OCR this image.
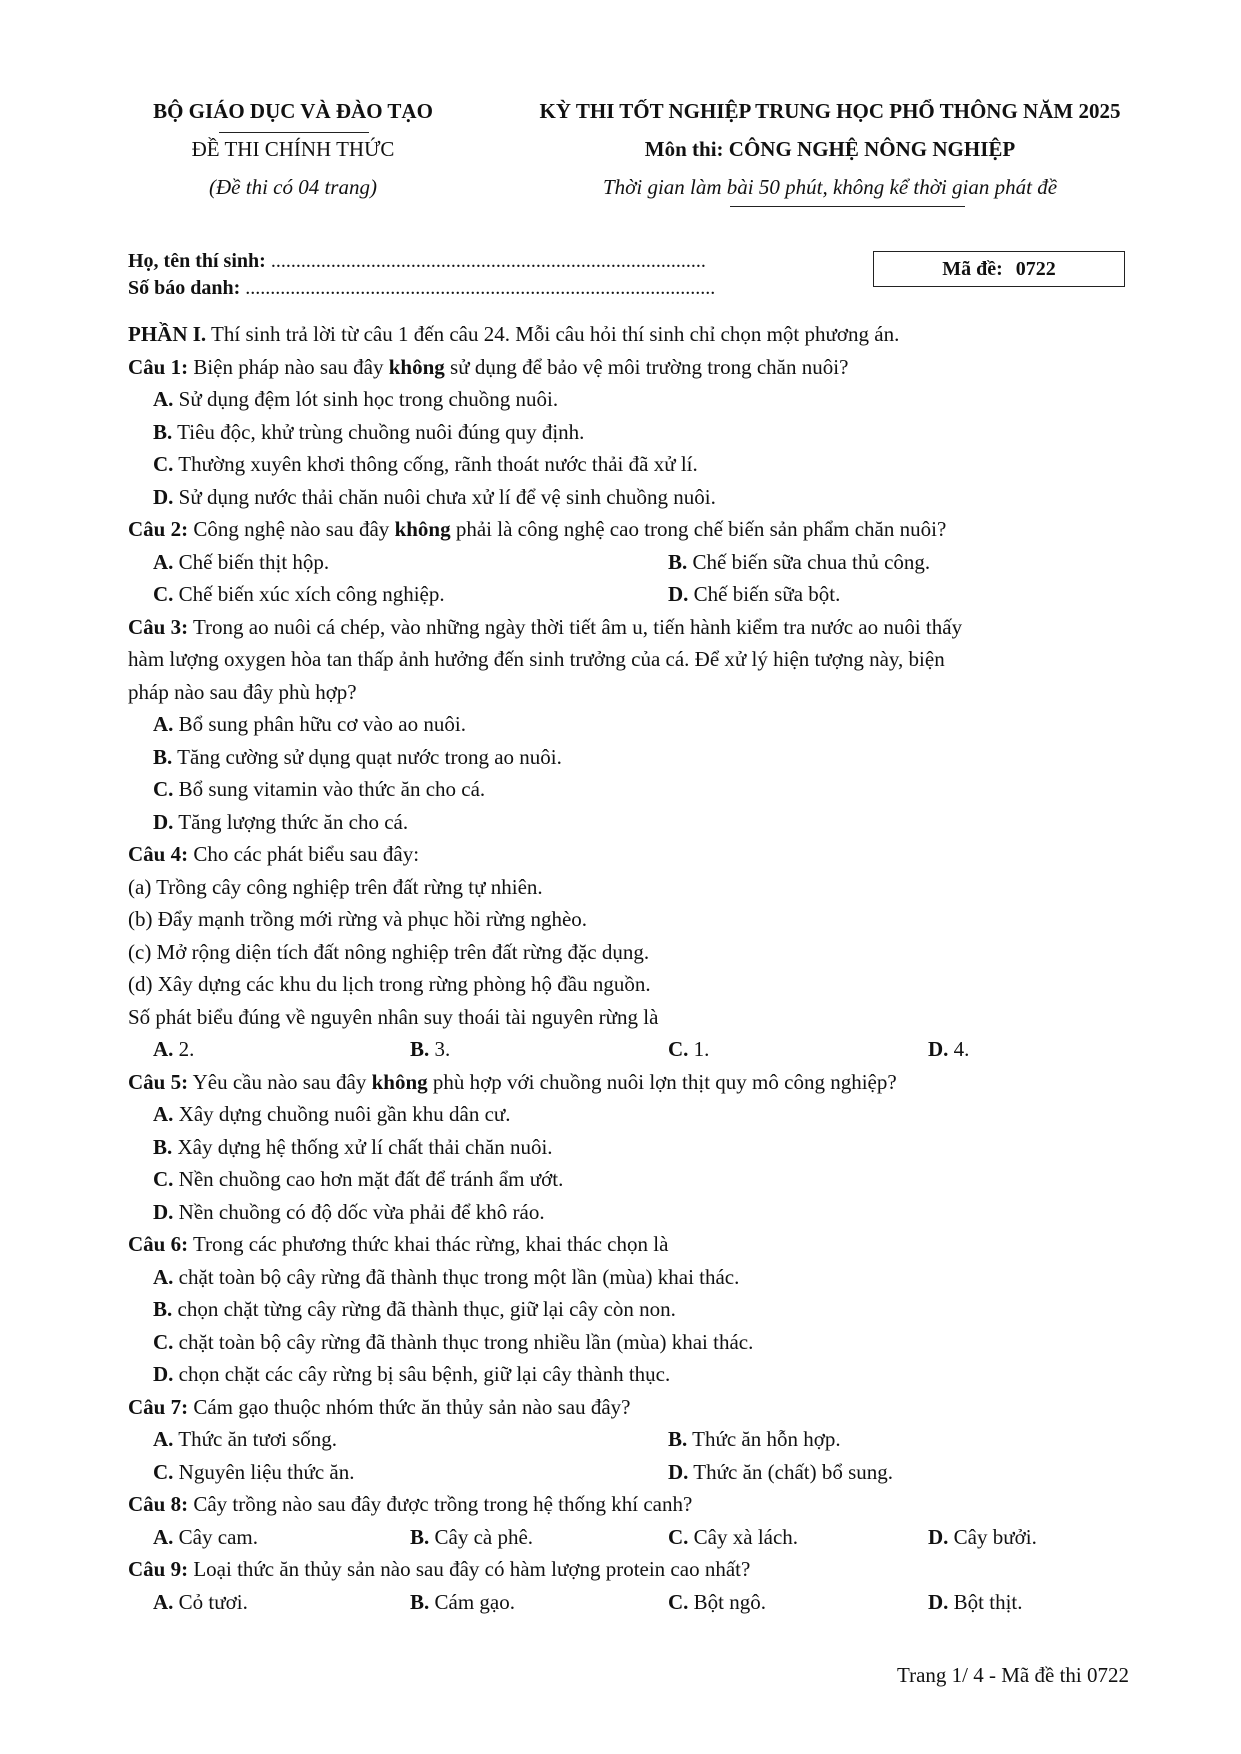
BỘ GIÁO DỤC VÀ ĐÀO TẠO
ĐỀ THI CHÍNH THỨC
(Đề thi có 04 trang)
KỲ THI TỐT NGHIỆP TRUNG HỌC PHỔ THÔNG NĂM 2025
Môn thi: CÔNG NGHỆ NÔNG NGHIỆP
Thời gian làm bài 50 phút, không kể thời gian phát đề
Họ, tên thí sinh: .......................................................................................
Số báo danh: ..............................................................................................
Mã đề: 0722
PHẦN I. Thí sinh trả lời từ câu 1 đến câu 24. Mỗi câu hỏi thí sinh chỉ chọn một phương án.
Câu 1: Biện pháp nào sau đây không sử dụng để bảo vệ môi trường trong chăn nuôi?
A. Sử dụng đệm lót sinh học trong chuồng nuôi.
B. Tiêu độc, khử trùng chuồng nuôi đúng quy định.
C. Thường xuyên khơi thông cống, rãnh thoát nước thải đã xử lí.
D. Sử dụng nước thải chăn nuôi chưa xử lí để vệ sinh chuồng nuôi.
Câu 2: Công nghệ nào sau đây không phải là công nghệ cao trong chế biến sản phẩm chăn nuôi?
A. Chế biến thịt hộp.	B. Chế biến sữa chua thủ công.
C. Chế biến xúc xích công nghiệp.	D. Chế biến sữa bột.
Câu 3: Trong ao nuôi cá chép, vào những ngày thời tiết âm u, tiến hành kiểm tra nước ao nuôi thấy
hàm lượng oxygen hòa tan thấp ảnh hưởng đến sinh trưởng của cá. Để xử lý hiện tượng này, biện
pháp nào sau đây phù hợp?
A. Bổ sung phân hữu cơ vào ao nuôi.
B. Tăng cường sử dụng quạt nước trong ao nuôi.
C. Bổ sung vitamin vào thức ăn cho cá.
D. Tăng lượng thức ăn cho cá.
Câu 4: Cho các phát biểu sau đây:
(a) Trồng cây công nghiệp trên đất rừng tự nhiên.
(b) Đẩy mạnh trồng mới rừng và phục hồi rừng nghèo.
(c) Mở rộng diện tích đất nông nghiệp trên đất rừng đặc dụng.
(d) Xây dựng các khu du lịch trong rừng phòng hộ đầu nguồn.
Số phát biểu đúng về nguyên nhân suy thoái tài nguyên rừng là
A. 2.	B. 3.	C. 1.	D. 4.
Câu 5: Yêu cầu nào sau đây không phù hợp với chuồng nuôi lợn thịt quy mô công nghiệp?
A. Xây dựng chuồng nuôi gần khu dân cư.
B. Xây dựng hệ thống xử lí chất thải chăn nuôi.
C. Nền chuồng cao hơn mặt đất để tránh ẩm ướt.
D. Nền chuồng có độ dốc vừa phải để khô ráo.
Câu 6: Trong các phương thức khai thác rừng, khai thác chọn là
A. chặt toàn bộ cây rừng đã thành thục trong một lần (mùa) khai thác.
B. chọn chặt từng cây rừng đã thành thục, giữ lại cây còn non.
C. chặt toàn bộ cây rừng đã thành thục trong nhiều lần (mùa) khai thác.
D. chọn chặt các cây rừng bị sâu bệnh, giữ lại cây thành thục.
Câu 7: Cám gạo thuộc nhóm thức ăn thủy sản nào sau đây?
A. Thức ăn tươi sống.	B. Thức ăn hỗn hợp.
C. Nguyên liệu thức ăn.	D. Thức ăn (chất) bổ sung.
Câu 8: Cây trồng nào sau đây được trồng trong hệ thống khí canh?
A. Cây cam.	B. Cây cà phê.	C. Cây xà lách.	D. Cây bưởi.
Câu 9: Loại thức ăn thủy sản nào sau đây có hàm lượng protein cao nhất?
A. Cỏ tươi.	B. Cám gạo.	C. Bột ngô.	D. Bột thịt.
Trang 1/ 4 - Mã đề thi 0722
